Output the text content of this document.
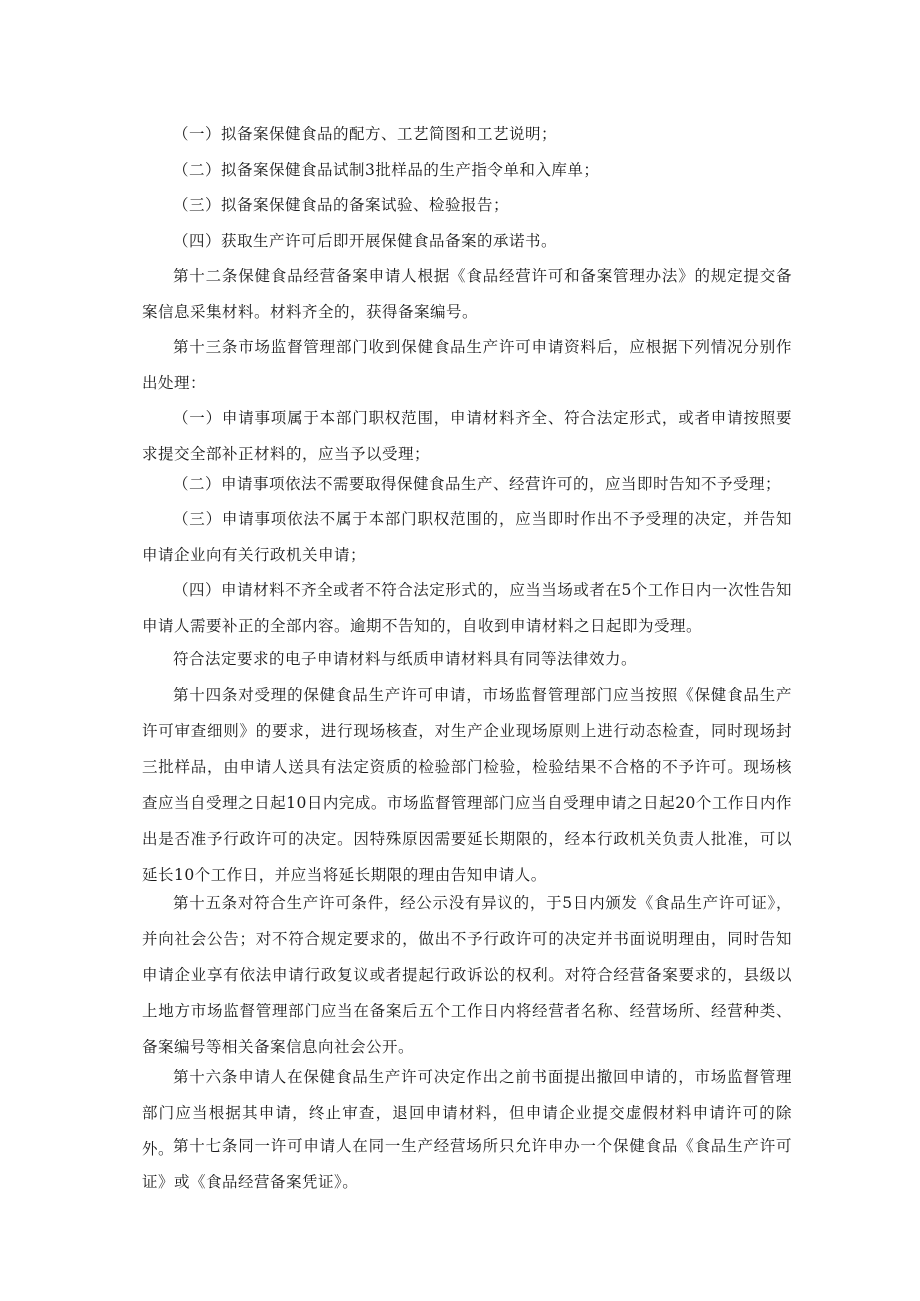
（一）拟备案保健食品的配方、工艺简图和工艺说明；

（二）拟备案保健食品试制3批样品的生产指令单和入库单；

（三）拟备案保健食品的备案试验、检验报告；

（四）获取生产许可后即开展保健食品备案的承诺书。

第十二条保健食品经营备案申请人根据《食品经营许可和备案管理办法》的规定提交备案信息采集材料。材料齐全的，获得备案编号。

第十三条市场监督管理部门收到保健食品生产许可申请资料后，应根据下列情况分别作出处理：

（一）申请事项属于本部门职权范围，申请材料齐全、符合法定形式，或者申请按照要求提交全部补正材料的，应当予以受理；

（二）申请事项依法不需要取得保健食品生产、经营许可的，应当即时告知不予受理；

（三）申请事项依法不属于本部门职权范围的，应当即时作出不予受理的决定，并告知申请企业向有关行政机关申请；

（四）申请材料不齐全或者不符合法定形式的，应当当场或者在5个工作日内一次性告知申请人需要补正的全部内容。逾期不告知的，自收到申请材料之日起即为受理。

符合法定要求的电子申请材料与纸质申请材料具有同等法律效力。

第十四条对受理的保健食品生产许可申请，市场监督管理部门应当按照《保健食品生产许可审查细则》的要求，进行现场核查，对生产企业现场原则上进行动态检查，同时现场封三批样品，由申请人送具有法定资质的检验部门检验，检验结果不合格的不予许可。现场核查应当自受理之日起10日内完成。市场监督管理部门应当自受理申请之日起20个工作日内作出是否准予行政许可的决定。因特殊原因需要延长期限的，经本行政机关负责人批准，可以延长10个工作日，并应当将延长期限的理由告知申请人。

第十五条对符合生产许可条件，经公示没有异议的，于5日内颁发《食品生产许可证》，并向社会公告；对不符合规定要求的，做出不予行政许可的决定并书面说明理由，同时告知申请企业享有依法申请行政复议或者提起行政诉讼的权利。对符合经营备案要求的，县级以上地方市场监督管理部门应当在备案后五个工作日内将经营者名称、经营场所、经营种类、备案编号等相关备案信息向社会公开。

第十六条申请人在保健食品生产许可决定作出之前书面提出撤回申请的，市场监督管理部门应当根据其申请，终止审查，退回申请材料，但申请企业提交虚假材料申请许可的除外。

第十七条同一许可申请人在同一生产经营场所只允许申办一个保健食品《食品生产许可证》或《食品经营备案凭证》。
